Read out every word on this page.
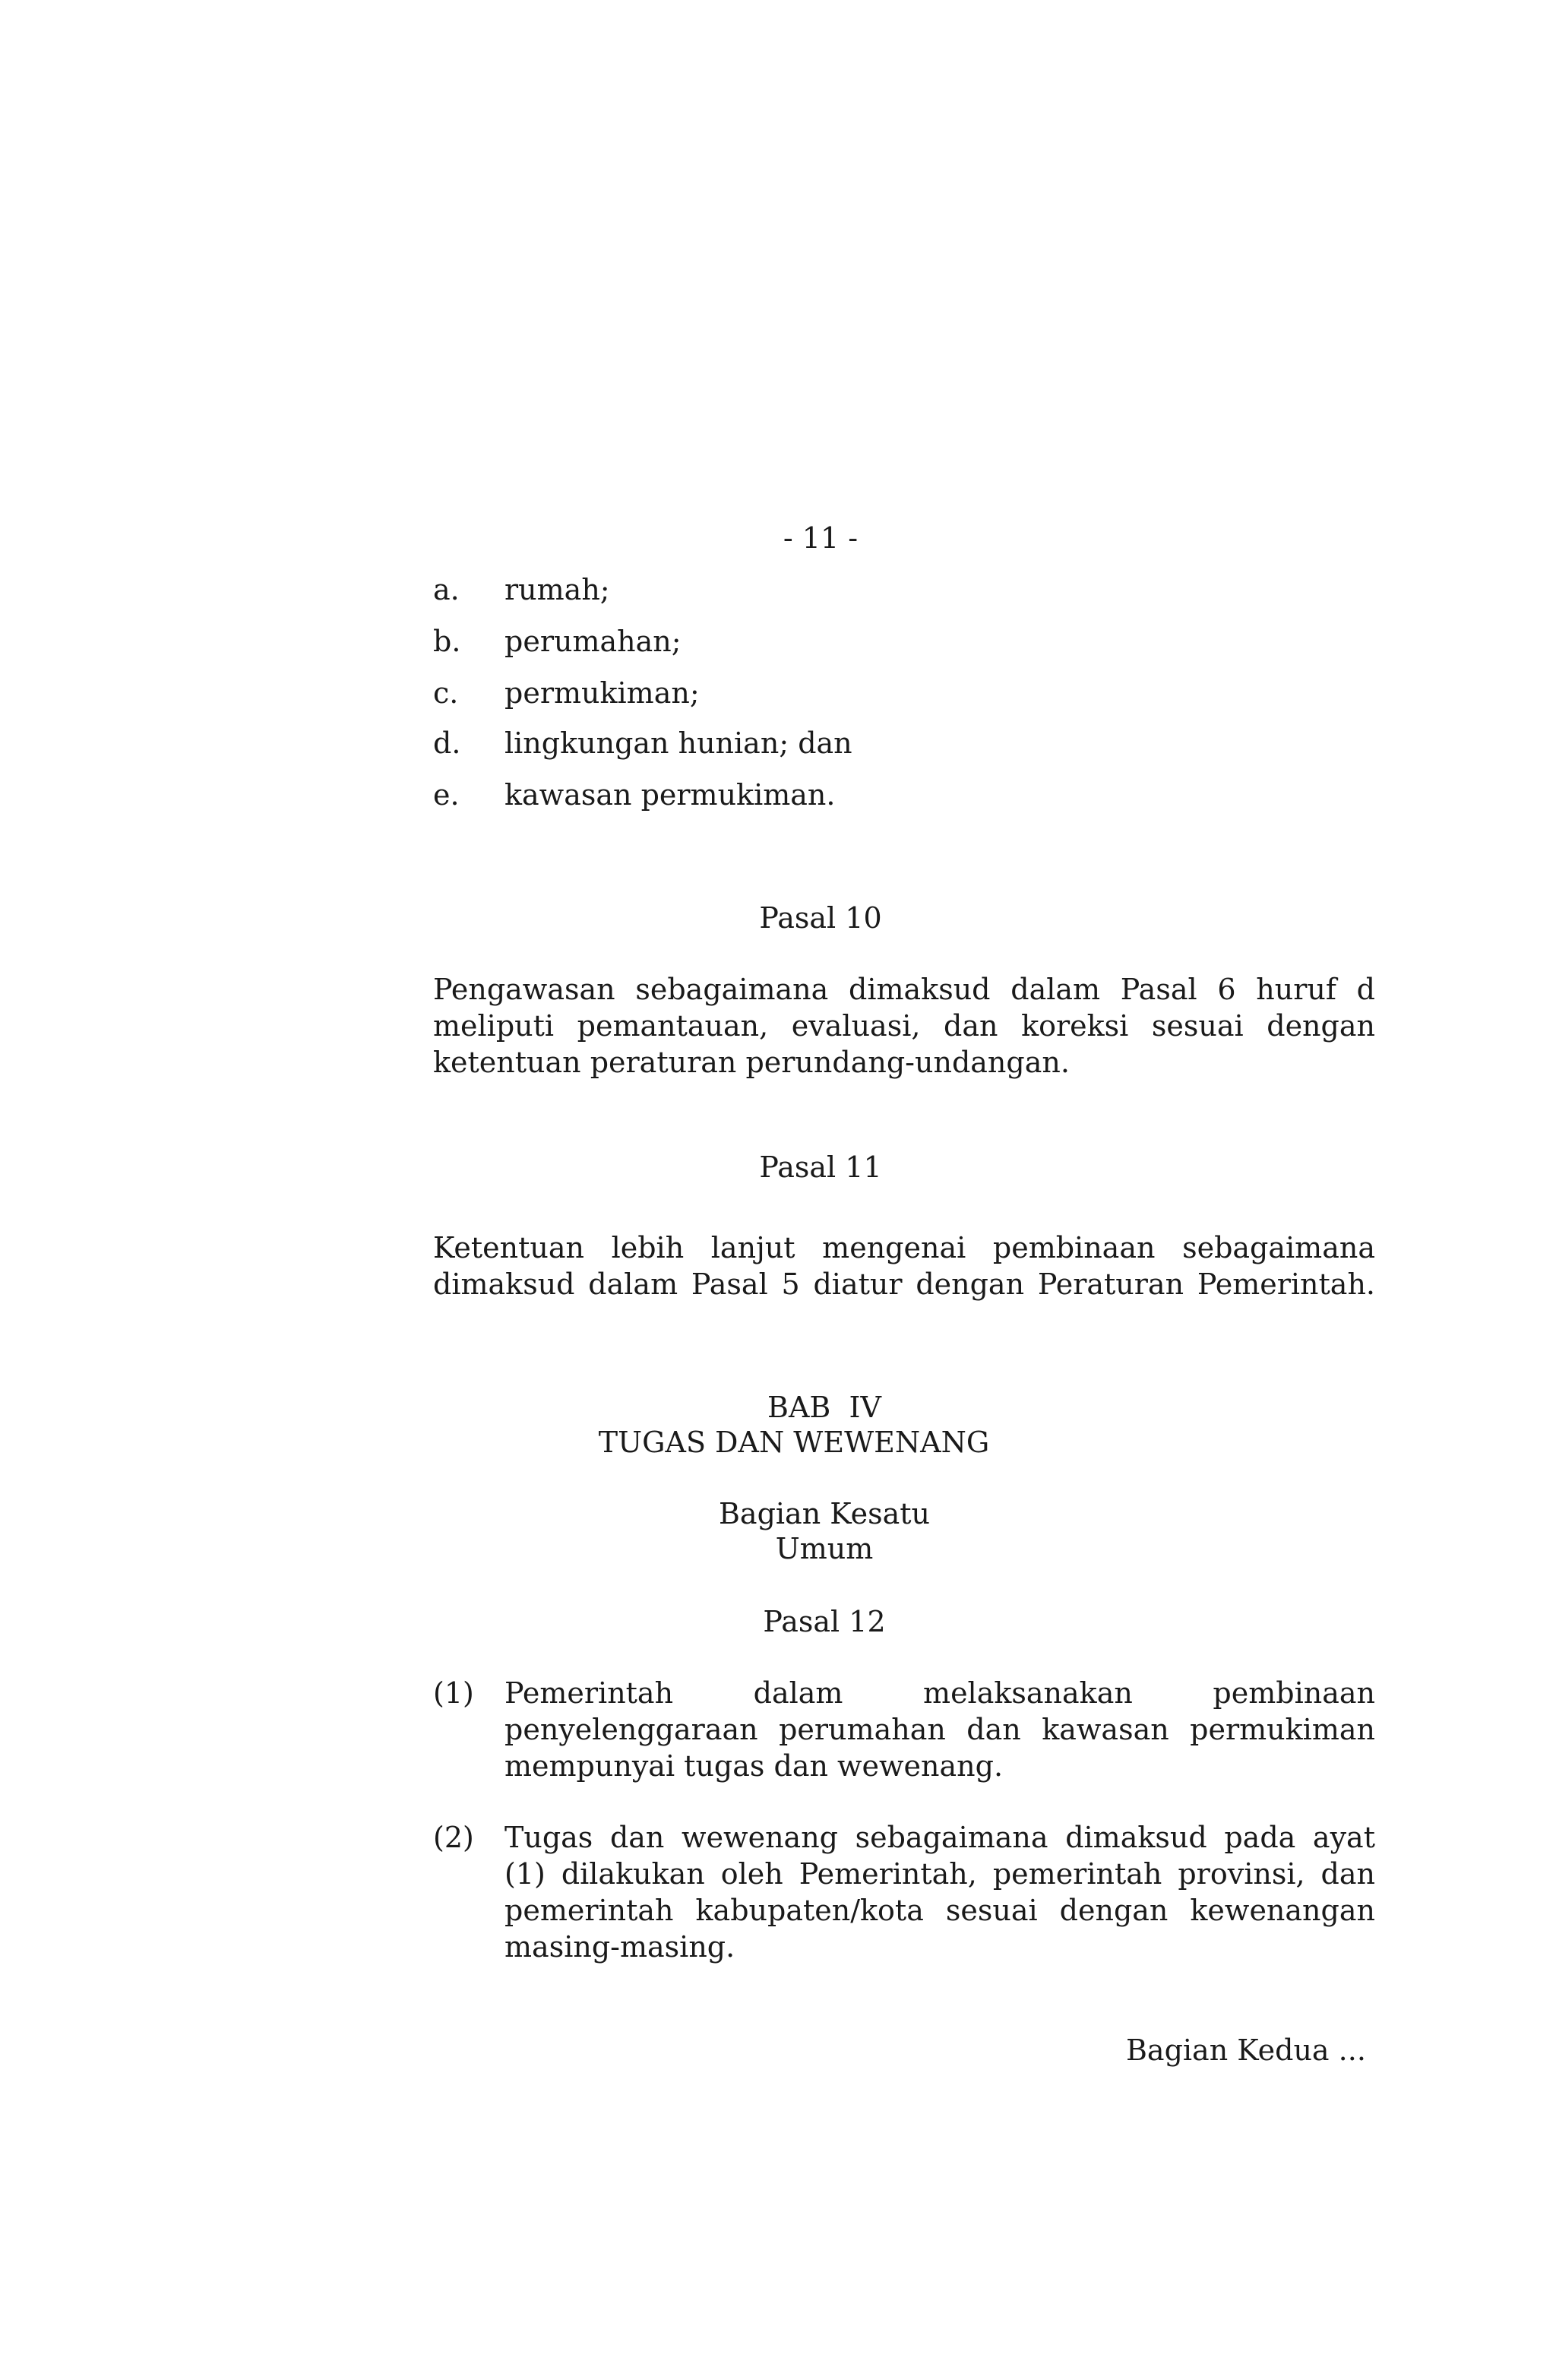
- 11 -
a. rumah;
b. perumahan;
c. permukiman;
d. lingkungan hunian; dan
e. kawasan permukiman.
Pasal 10
Pengawasan sebagaimana dimaksud dalam Pasal 6 huruf d
meliputi pemantauan, evaluasi, dan koreksi sesuai dengan
ketentuan peraturan perundang-undangan.
Pasal 11
Ketentuan lebih lanjut mengenai pembinaan sebagaimana
dimaksud dalam Pasal 5 diatur dengan Peraturan Pemerintah.
BAB  IV
TUGAS DAN WEWENANG
Bagian Kesatu
Umum
Pasal 12
(1) Pemerintah dalam melaksanakan pembinaan
penyelenggaraan perumahan dan kawasan permukiman
mempunyai tugas dan wewenang.
(2) Tugas dan wewenang sebagaimana dimaksud pada ayat
(1) dilakukan oleh Pemerintah, pemerintah provinsi, dan
pemerintah kabupaten/kota sesuai dengan kewenangan
masing-masing.
Bagian Kedua ...
